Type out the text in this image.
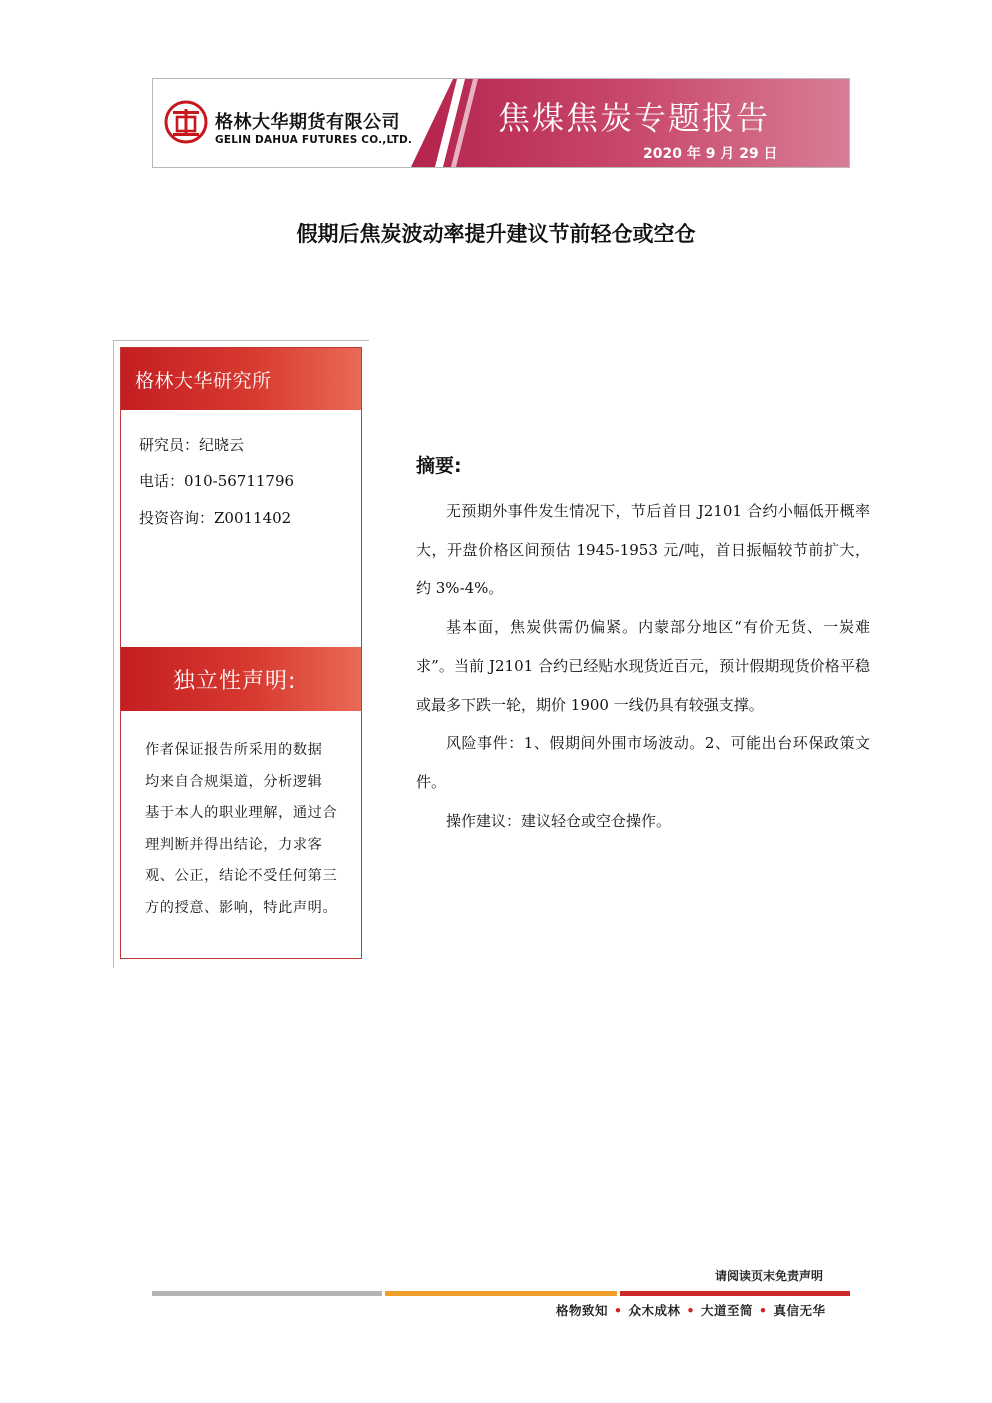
格林大华期货有限公司
GELIN DAHUA FUTURES CO.,LTD.
焦煤焦炭专题报告
2020 年 9 月 29 日
假期后焦炭波动率提升建议节前轻仓或空仓
格林大华研究所
研究员：纪晓云
电话：010-56711796
投资咨询：Z0011402
独立性声明:
作者保证报告所采用的数据
均来自合规渠道，分析逻辑
基于本人的职业理解，通过合
理判断并得出结论，力求客
观、公正，结论不受任何第三
方的授意、影响，特此声明。
摘要:

无预期外事件发生情况下，节后首日 J2101 合约小幅低开概率大，开盘价格区间预估 1945-1953 元/吨，首日振幅较节前扩大，约 3%-4%。

基本面，焦炭供需仍偏紧。内蒙部分地区“有价无货、一炭难求”。当前 J2101 合约已经贴水现货近百元，预计假期现货价格平稳或最多下跌一轮，期价 1900 一线仍具有较强支撑。

风险事件：1、假期间外围市场波动。2、可能出台环保政策文件。

操作建议：建议轻仓或空仓操作。

请阅读页末免责声明
格物致知 • 众木成林 • 大道至简 • 真信无华
